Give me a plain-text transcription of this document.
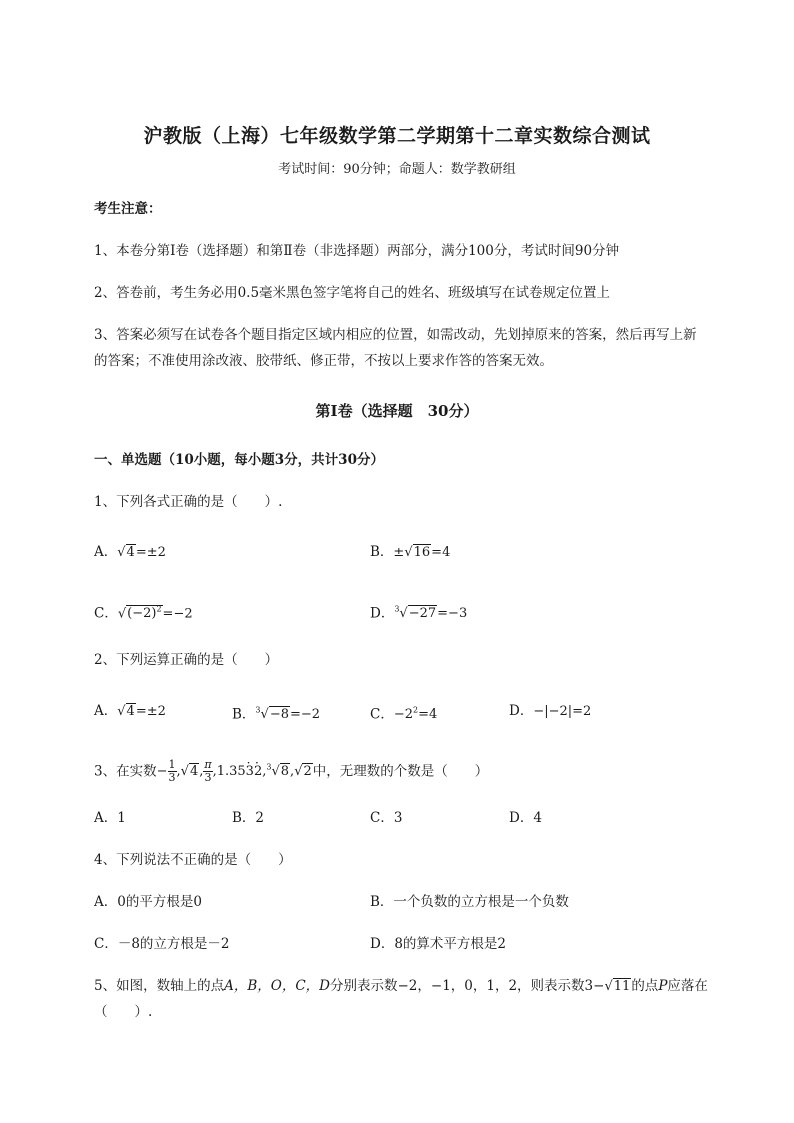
沪教版（上海）七年级数学第二学期第十二章实数综合测试
考试时间：90分钟；命题人：数学教研组
考生注意：
1、本卷分第I卷（选择题）和第Ⅱ卷（非选择题）两部分，满分100分，考试时间90分钟
2、答卷前，考生务必用0.5毫米黑色签字笔将自己的姓名、班级填写在试卷规定位置上
3、答案必须写在试卷各个题目指定区域内相应的位置，如需改动，先划掉原来的答案，然后再写上新
的答案；不准使用涂改液、胶带纸、修正带，不按以上要求作答的答案无效。
第I卷（选择题　30分）
一、单选题（10小题，每小题3分，共计30分）
1、下列各式正确的是（　　）.
A．√4=±2	B．±√16=4
C．$√(-2)^2=-2$	D．$^3$√−27=−3
2、下列运算正确的是（　　）
A．√4=±2	B．$^3$√−8=−2	C．$-2^2=4$	D．−|−2|=2
3、在实数− $\frac{1}{3} ,√4$, $\frac{\pi}{3} ,1.35\cdot 3\cdot 2,^3√8,√2$中，无理数的个数是（　　）
A．1	B．2	C．3	D．4
4、下列说法不正确的是（　　）
A．0的平方根是0	B．一个负数的立方根是一个负数
C．－8的立方根是－2	D．8的算术平方根是2
5、如图，数轴上的点A，B，O，C，D分别表示数−2，−1，0，1，2，则表示数3−√11的点P应落在
（　　）.
